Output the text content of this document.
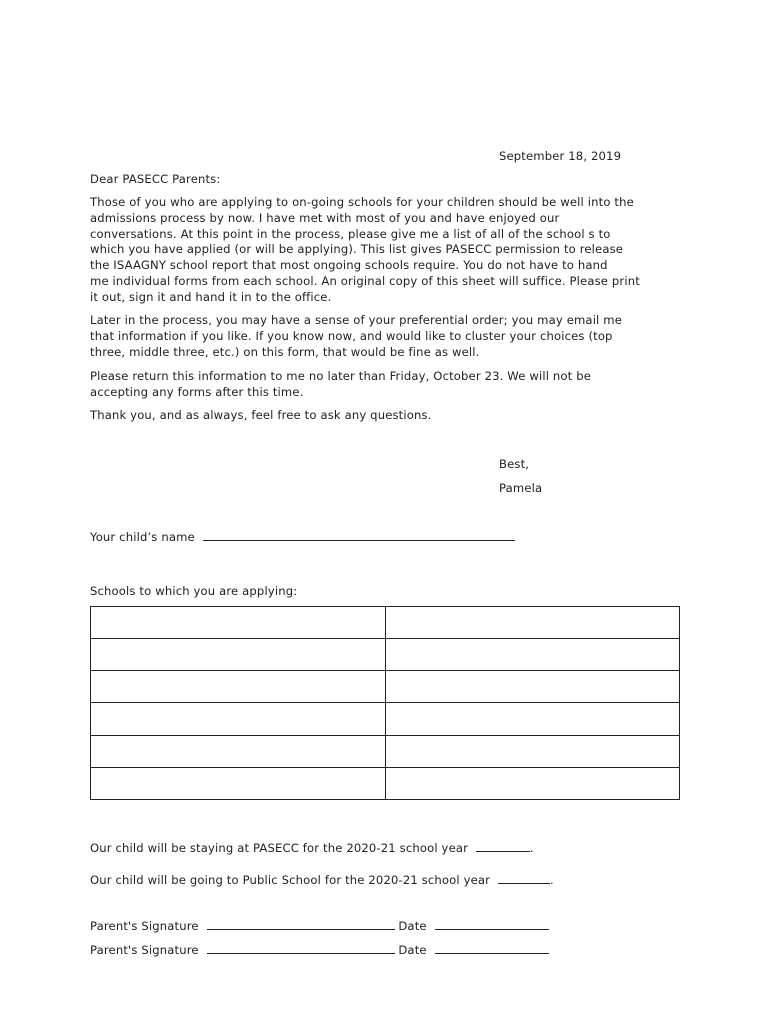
September 18, 2019
Dear PASECC Parents:
Those of you who are applying to on-going schools for your children should be well into the
admissions process by now. I have met with most of you and have enjoyed our
conversations. At this point in the process, please give me a list of all of the school s to
which you have applied (or will be applying). This list gives PASECC permission to release
the ISAAGNY school report that most ongoing schools require. You do not have to hand
me individual forms from each school. An original copy of this sheet will suffice. Please print
it out, sign it and hand it in to the office.
Later in the process, you may have a sense of your preferential order; you may email me
that information if you like. If you know now, and would like to cluster your choices (top
three, middle three, etc.) on this form, that would be fine as well.
Please return this information to me no later than Friday, October 23. We will not be
accepting any forms after this time.
Thank you, and as always, feel free to ask any questions.
Best,
Pamela
Your child’s name
Schools to which you are applying:

Our child will be staying at PASECC for the 2020-21 school year	.
Our child will be going to Public School for the 2020-21 school year	.
Parent's Signature	Date
Parent's Signature	Date
